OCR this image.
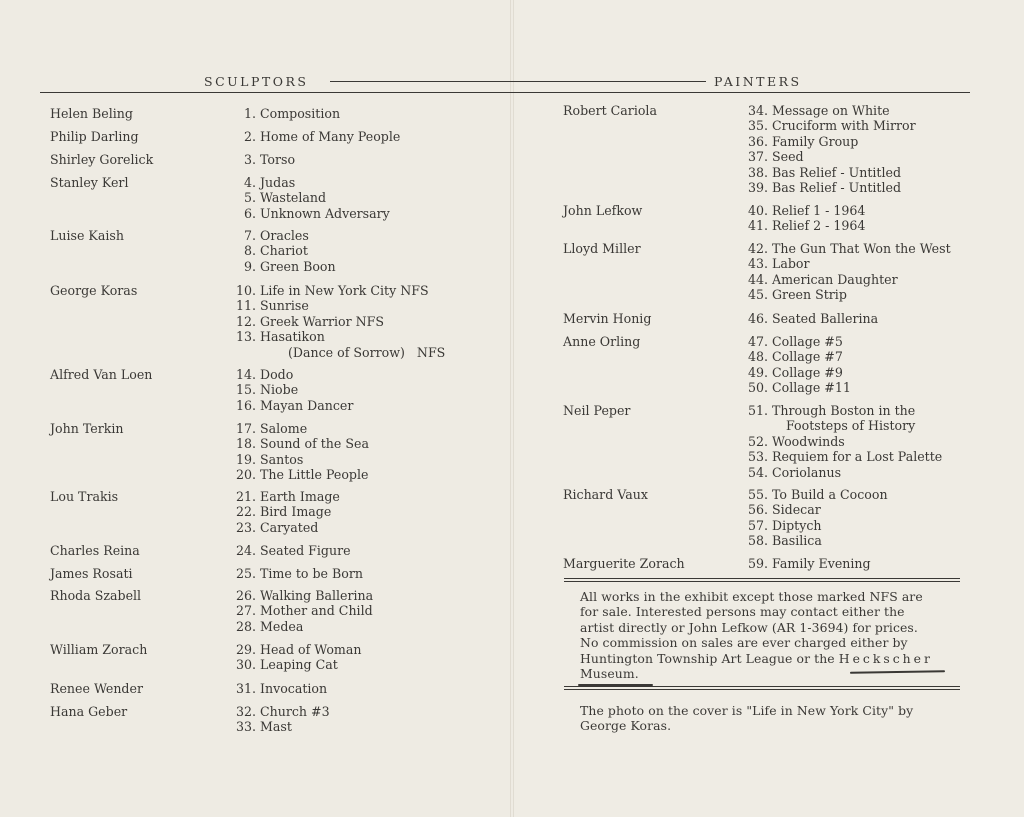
SCULPTORS	PAINTERS
Helen Beling	1. Composition
Philip Darling	2. Home of Many People
Shirley Gorelick	3. Torso
Stanley Kerl	4. Judas
5. Wasteland
6. Unknown Adversary
Luise Kaish	7. Oracles
8. Chariot
9. Green Boon
George Koras	10. Life in New York City NFS
11. Sunrise
12. Greek Warrior NFS
13. Hasatikon
(Dance of Sorrow)   NFS
Alfred Van Loen	14. Dodo
15. Niobe
16. Mayan Dancer
John Terkin	17. Salome
18. Sound of the Sea
19. Santos
20. The Little People
Lou Trakis	21. Earth Image
22. Bird Image
23. Caryated
Charles Reina	24. Seated Figure
James Rosati	25. Time to be Born
Rhoda Szabell	26. Walking Ballerina
27. Mother and Child
28. Medea
William Zorach	29. Head of Woman
30. Leaping Cat
Renee Wender	31. Invocation
Hana Geber	32. Church #3
33. Mast
Robert Cariola	34. Message on White
35. Cruciform with Mirror
36. Family Group
37. Seed
38. Bas Relief - Untitled
39. Bas Relief - Untitled
John Lefkow	40. Relief 1 - 1964
41. Relief 2 - 1964
Lloyd Miller	42. The Gun That Won the West
43. Labor
44. American Daughter
45. Green Strip
Mervin Honig	46. Seated Ballerina
Anne Orling	47. Collage #5
48. Collage #7
49. Collage #9
50. Collage #11
Neil Peper	51. Through Boston in the
Footsteps of History
52. Woodwinds
53. Requiem for a Lost Palette
54. Coriolanus
Richard Vaux	55. To Build a Cocoon
56. Sidecar
57. Diptych
58. Basilica
Marguerite Zorach	59. Family Evening
All works in the exhibit except those marked NFS are
for sale. Interested persons may contact either the
artist directly or John Lefkow (AR 1-3694) for prices.
No commission on sales are ever charged either by
Huntington Township Art League or the Heckscher
Museum.
The photo on the cover is "Life in New York City" by
George Koras.
